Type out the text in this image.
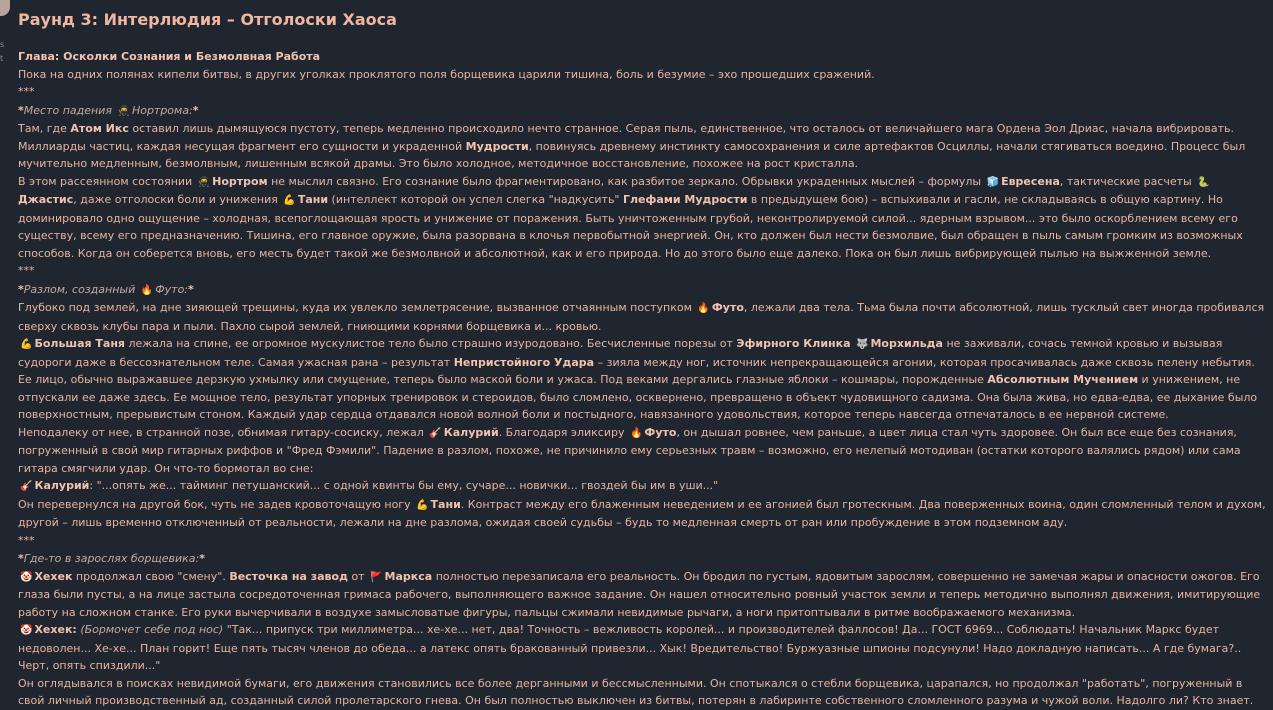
s
t
Раунд 3: Интерлюдия – Отголоски Хаоса
Глава: Осколки Сознания и Безмолвная Работа
Пока на одних полянах кипели битвы, в других уголках проклятого поля борщевика царили тишина, боль и безумие – эхо прошедших сражений.
***
*Место падения 🥷 Нортрома:*
Там, где Атом Икс оставил лишь дымящуюся пустоту, теперь медленно происходило нечто странное. Серая пыль, единственное, что осталось от величайшего мага Ордена Эол Дриас, начала вибрировать. Миллиарды частиц, каждая несущая фрагмент его сущности и украденной Мудрости, повинуясь древнему инстинкту самосохранения и силе артефактов Осциллы, начали стягиваться воедино. Процесс был мучительно медленным, безмолвным, лишенным всякой драмы. Это было холодное, методичное восстановление, похожее на рост кристалла.
В этом рассеянном состоянии 🥷 Нортром не мыслил связно. Его сознание было фрагментировано, как разбитое зеркало. Обрывки украденных мыслей – формулы 🧊 Евресена, тактические расчеты 🐍Джастис, даже отголоски боли и унижения 💪 Тани (интеллект которой он успел слегка "надкусить" Глефами Мудрости в предыдущем бою) – вспыхивали и гасли, не складываясь в общую картину. Но доминировало одно ощущение – холодная, всепоглощающая ярость и унижение от поражения. Быть уничтоженным грубой, неконтролируемой силой... ядерным взрывом... это было оскорблением всему его существу, всему его предназначению. Тишина, его главное оружие, была разорвана в клочья первобытной энергией. Он, кто должен был нести безмолвие, был обращен в пыль самым громким из возможных способов. Когда он соберется вновь, его месть будет такой же безмолвной и абсолютной, как и его природа. Но до этого было еще далеко. Пока он был лишь вибрирующей пылью на выжженной земле.
***
*Разлом, созданный 🔥 Футо:*
Глубоко под землей, на дне зияющей трещины, куда их увлекло землетрясение, вызванное отчаянным поступком 🔥 Футо, лежали два тела. Тьма была почти абсолютной, лишь тусклый свет иногда пробивался сверху сквозь клубы пара и пыли. Пахло сырой землей, гниющими корнями борщевика и... кровью.
💪 Большая Таня лежала на спине, ее огромное мускулистое тело было страшно изуродовано. Бесчисленные порезы от Эфирного Клинка 🐺 Морхильда не заживали, сочась темной кровью и вызывая судороги даже в бессознательном теле. Самая ужасная рана – результат Непристойного Удара – зияла между ног, источник непрекращающейся агонии, которая просачивалась даже сквозь пелену небытия. Ее лицо, обычно выражавшее дерзкую ухмылку или смущение, теперь было маской боли и ужаса. Под веками дергались глазные яблоки – кошмары, порожденные Абсолютным Мучением и унижением, не отпускали ее даже здесь. Ее мощное тело, результат упорных тренировок и стероидов, было сломлено, осквернено, превращено в объект чудовищного садизма. Она была жива, но едва-едва, ее дыхание было поверхностным, прерывистым стоном. Каждый удар сердца отдавался новой волной боли и постыдного, навязанного удовольствия, которое теперь навсегда отпечаталось в ее нервной системе.
Неподалеку от нее, в странной позе, обнимая гитару-сосиску, лежал 🎸 Калурий. Благодаря эликсиру 🔥 Футо, он дышал ровнее, чем раньше, а цвет лица стал чуть здоровее. Он был все еще без сознания, погруженный в свой мир гитарных риффов и "Фред Фэмили". Падение в разлом, похоже, не причинило ему серьезных травм – возможно, его нелепый мотодиван (остатки которого валялись рядом) или сама гитара смягчили удар. Он что-то бормотал во сне:
🎸 Калурий: "...опять же... тайминг петушанский... с одной квинты бы ему, сучаре... новички... гвоздей бы им в уши..."
Он перевернулся на другой бок, чуть не задев кровоточащую ногу 💪 Тани. Контраст между его блаженным неведением и ее агонией был гротескным. Два поверженных воина, один сломленный телом и духом, другой – лишь временно отключенный от реальности, лежали на дне разлома, ожидая своей судьбы – будь то медленная смерть от ран или пробуждение в этом подземном аду.
***
*Где-то в зарослях борщевика:*
🤡 Хехек продолжал свою "смену". Весточка на завод от 🚩 Маркса полностью перезаписала его реальность. Он бродил по густым, ядовитым зарослям, совершенно не замечая жары и опасности ожогов. Его глаза были пусты, а на лице застыла сосредоточенная гримаса рабочего, выполняющего важное задание. Он нашел относительно ровный участок земли и теперь методично выполнял движения, имитирующие работу на сложном станке. Его руки вычерчивали в воздухе замысловатые фигуры, пальцы сжимали невидимые рычаги, а ноги притоптывали в ритме воображаемого механизма.
🤡 Хехек: (Бормочет себе под нос) "Так... припуск три миллиметра... хе-хе... нет, два! Точность – вежливость королей... и производителей фаллосов! Да... ГОСТ 6969... Соблюдать! Начальник Маркс будет недоволен... Хе-хе... План горит! Еще пять тысяч членов до обеда... а латекс опять бракованный привезли... Хык! Вредительство! Буржуазные шпионы подсунули! Надо докладную написать... А где бумага?.. Черт, опять спиздили..."
Он оглядывался в поисках невидимой бумаги, его движения становились все более дерганными и бессмысленными. Он спотыкался о стебли борщевика, царапался, но продолжал "работать", погруженный в свой личный производственный ад, созданный силой пролетарского гнева. Он был полностью выключен из битвы, потерян в лабиринте собственного сломленного разума и чужой воли. Надолго ли? Кто знает.
